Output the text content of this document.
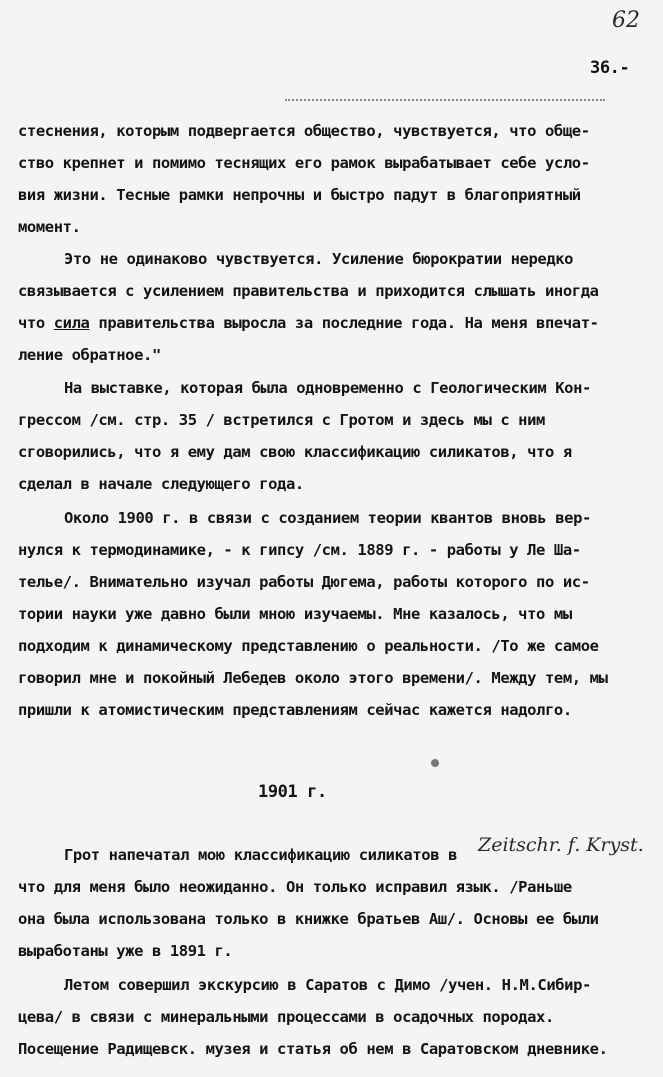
62
36.-
стеснения, которым подвергается общество, чувствуется, что обще-
ство крепнет и помимо теснящих его рамок вырабатывает себе усло-
вия жизни. Тесные рамки непрочны и быстро падут в благоприятный
момент.
Это не одинаково чувствуется. Усиление бюрократии нередко
связывается с усилением правительства и приходится слышать иногда
что сила правительства выросла за последние года. На меня впечат-
ление обратное."
На выставке, которая была одновременно с Геологическим Кон-
грессом /см. стр. 35 / встретился с Гротом и здесь мы с ним
сговорились, что я ему дам свою классификацию силикатов, что я
сделал в начале следующего года.
Около 1900 г. в связи с созданием теории квантов вновь вер-
нулся к термодинамике, - к гипсу /см. 1889 г. - работы у Ле Ша-
телье/. Внимательно изучал работы Дюгема, работы которого по ис-
тории науки уже давно были мною изучаемы. Мне казалось, что мы
подходим к динамическому представлению о реальности. /То же самое
говорил мне и покойный Лебедев около этого времени/. Между тем, мы
пришли к атомистическим представлениям сейчас кажется надолго.
1901 г.
Грот напечатал мою классификацию силикатов в Zeitschr. f. Kryst.
что для меня было неожиданно. Он только исправил язык. /Раньше
она была использована только в книжке братьев Аш/. Основы ее были
выработаны уже в 1891 г.
Летом совершил экскурсию в Саратов с Димо /учен. Н.М.Сибир-
цева/ в связи с минеральными процессами в осадочных породах.
Посещение Радищевск. музея и статья об нем в Саратовском дневнике.
